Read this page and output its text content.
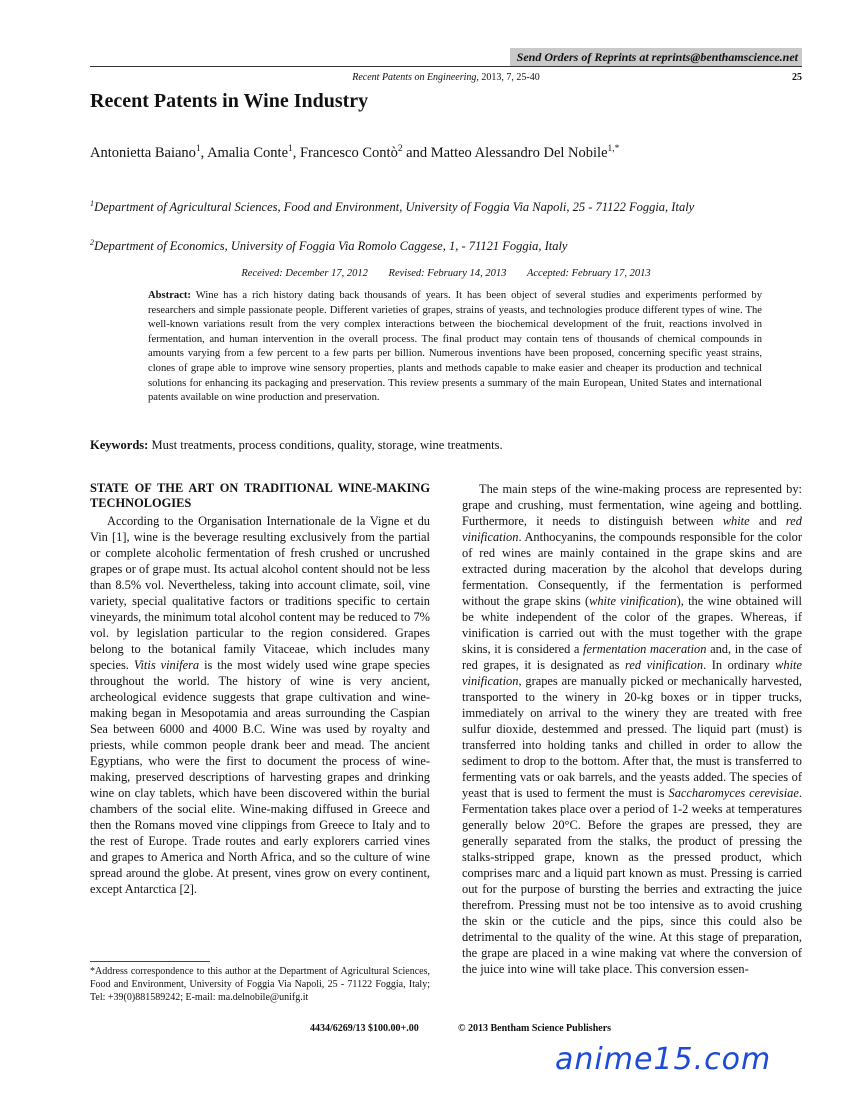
Send Orders of Reprints at reprints@benthamscience.net
Recent Patents on Engineering, 2013, 7, 25-40	25
Recent Patents in Wine Industry
Antonietta Baiano$^1$, Amalia Conte$^1$, Francesco Contò$^2$ and Matteo Alessandro Del Nobile$^{1,*}$
$^1$Department of Agricultural Sciences, Food and Environment, University of Foggia Via Napoli, 25 - 71122 Foggia, Italy
$^2$Department of Economics, University of Foggia Via Romolo Caggese, 1, - 71121 Foggia, Italy
Received: December 17, 2012 Revised: February 14, 2013 Accepted: February 17, 2013
Abstract: Wine has a rich history dating back thousands of years. It has been object of several studies and experiments performed by researchers and simple passionate people. Different varieties of grapes, strains of yeasts, and technologies produce different types of wine. The well-known variations result from the very complex interactions between the biochemical development of the fruit, reactions involved in fermentation, and human intervention in the overall process. The final product may contain tens of thousands of chemical compounds in amounts varying from a few percent to a few parts per billion. Numerous inventions have been proposed, concerning specific yeast strains, clones of grape able to improve wine sensory properties, plants and methods capable to make easier and cheaper its production and technical solutions for enhancing its packaging and preservation. This review presents a summary of the main European, United States and international patents available on wine production and preservation.
Keywords: Must treatments, process conditions, quality, storage, wine treatments.
STATE OF THE ART ON TRADITIONAL WINE-MAKING TECHNOLOGIES

According to the Organisation Internationale de la Vigne et du Vin [1], wine is the beverage resulting exclusively from the partial or complete alcoholic fermentation of fresh crushed or uncrushed grapes or of grape must. Its actual alcohol content should not be less than 8.5% vol. Nevertheless, taking into account climate, soil, vine variety, special qualitative factors or traditions specific to certain vineyards, the minimum total alcohol content may be reduced to 7% vol. by legislation particular to the region considered. Grapes belong to the botanical family Vitaceae, which includes many species. Vitis vinifera is the most widely used wine grape species throughout the world. The history of wine is very ancient, archeological evidence suggests that grape cultivation and wine-making began in Mesopotamia and areas surrounding the Caspian Sea between 6000 and 4000 B.C. Wine was used by royalty and priests, while common people drank beer and mead. The ancient Egyptians, who were the first to document the process of wine-making, preserved descriptions of harvesting grapes and drinking wine on clay tablets, which have been discovered within the burial chambers of the social elite. Wine-making diffused in Greece and then the Romans moved vine clippings from Greece to Italy and to the rest of Europe. Trade routes and early explorers carried vines and grapes to America and North Africa, and so the culture of wine spread around the globe. At present, vines grow on every continent, except Antarctica [2].

The main steps of the wine-making process are represented by: grape and crushing, must fermentation, wine ageing and bottling. Furthermore, it needs to distinguish between white and red vinification. Anthocyanins, the compounds responsible for the color of red wines are mainly contained in the grape skins and are extracted during maceration by the alcohol that develops during fermentation. Consequently, if the fermentation is performed without the grape skins (white vinification), the wine obtained will be white independent of the color of the grapes. Whereas, if vinification is carried out with the must together with the grape skins, it is considered a fermentation maceration and, in the case of red grapes, it is designated as red vinification. In ordinary white vinification, grapes are manually picked or mechanically harvested, transported to the winery in 20-kg boxes or in tipper trucks, immediately on arrival to the winery they are treated with free sulfur dioxide, destemmed and pressed. The liquid part (must) is transferred into holding tanks and chilled in order to allow the sediment to drop to the bottom. After that, the must is transferred to fermenting vats or oak barrels, and the yeasts added. The species of yeast that is used to ferment the must is Saccharomyces cerevisiae. Fermentation takes place over a period of 1-2 weeks at temperatures generally below 20°C. Before the grapes are pressed, they are generally separated from the stalks, the product of pressing the stalks-stripped grape, known as the pressed product, which comprises marc and a liquid part known as must. Pressing is carried out for the purpose of bursting the berries and extracting the juice therefrom. Pressing must not be too intensive as to avoid crushing the skin or the cuticle and the pips, since this could also be detrimental to the quality of the wine. At this stage of preparation, the grape are placed in a wine making vat where the conversion of the juice into wine will take place. This conversion essen-

*Address correspondence to this author at the Department of Agricultural Sciences, Food and Environment, University of Foggia Via Napoli, 25 - 71122 Foggia, Italy; Tel: +39(0)881589242; E-mail: ma.delnobile@unifg.it
4434/6269/13 $100.00+.00	© 2013 Bentham Science Publishers
anime15.com
